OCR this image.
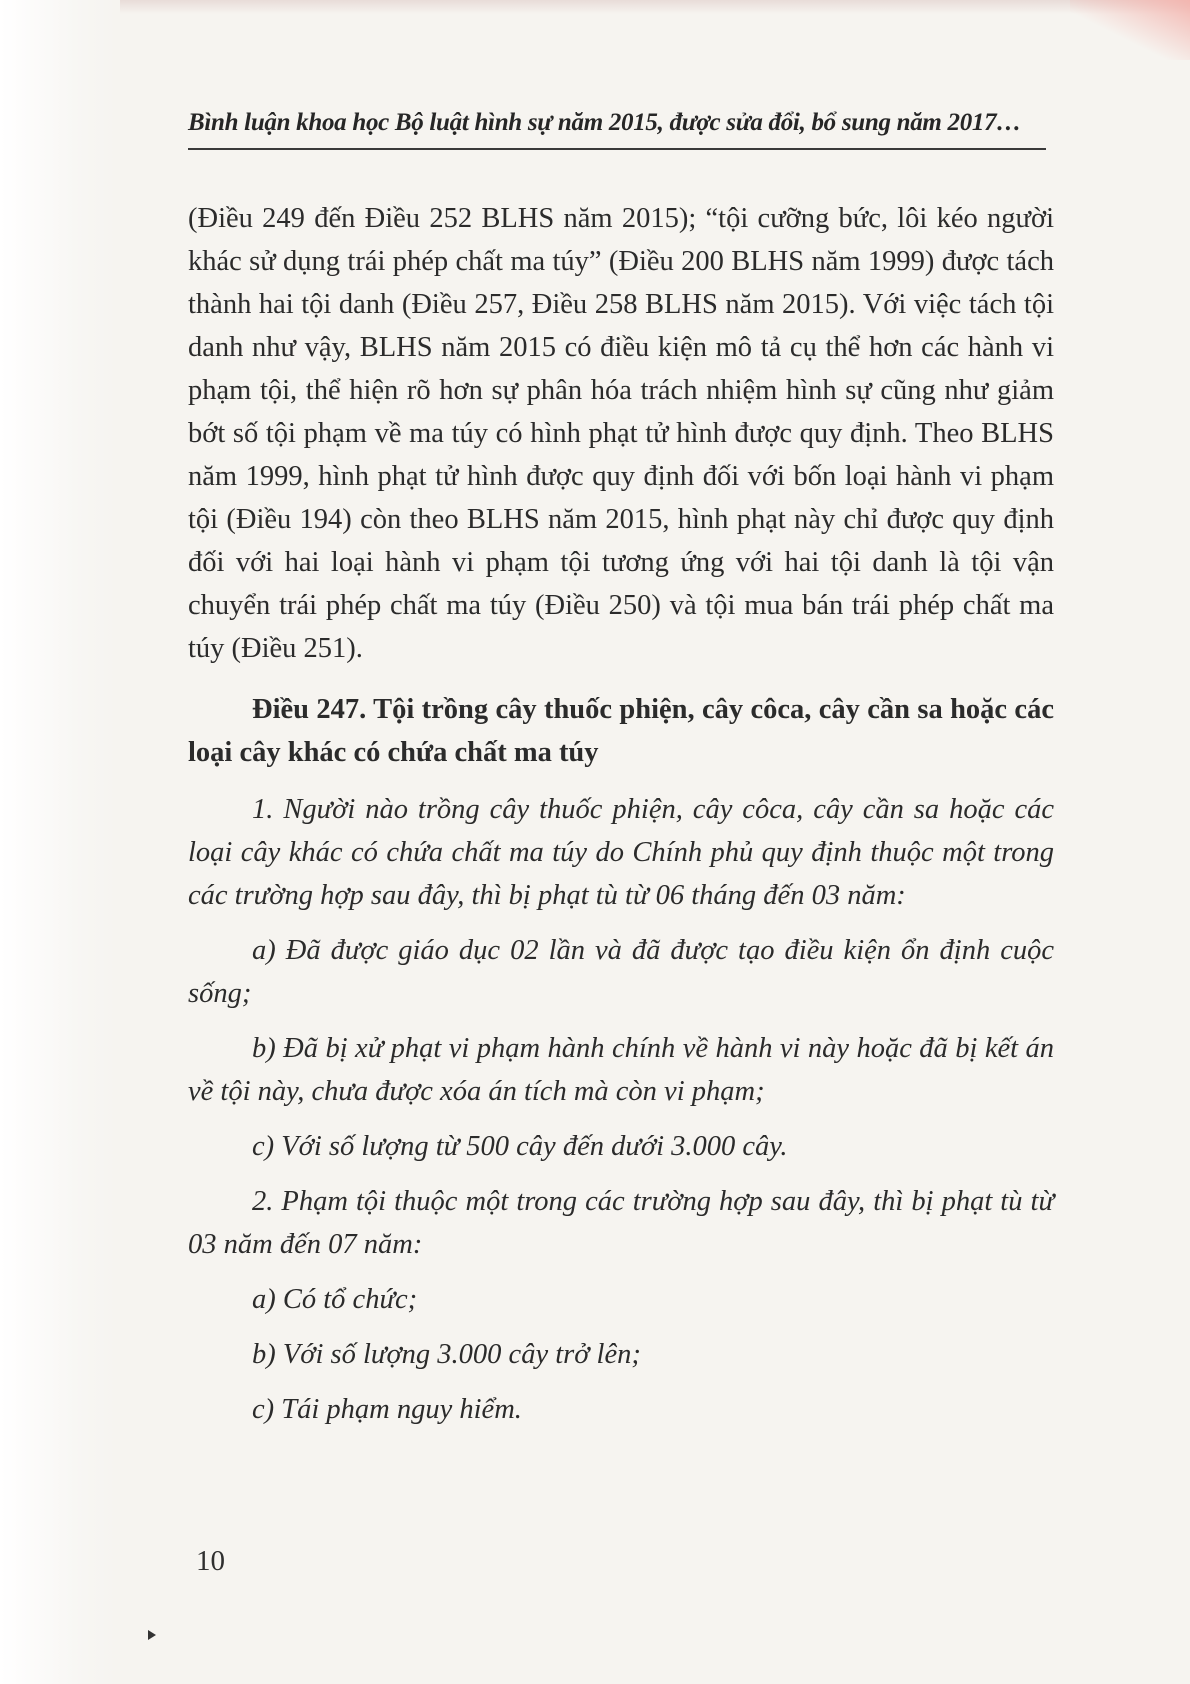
Bình luận khoa học Bộ luật hình sự năm 2015, được sửa đổi, bổ sung năm 2017…

(Điều 249 đến Điều 252 BLHS năm 2015); “tội cưỡng bức, lôi kéo người khác sử dụng trái phép chất ma túy” (Điều 200 BLHS năm 1999) được tách thành hai tội danh (Điều 257, Điều 258 BLHS năm 2015). Với việc tách tội danh như vậy, BLHS năm 2015 có điều kiện mô tả cụ thể hơn các hành vi phạm tội, thể hiện rõ hơn sự phân hóa trách nhiệm hình sự cũng như giảm bớt số tội phạm về ma túy có hình phạt tử hình được quy định. Theo BLHS năm 1999, hình phạt tử hình được quy định đối với bốn loại hành vi phạm tội (Điều 194) còn theo BLHS năm 2015, hình phạt này chỉ được quy định đối với hai loại hành vi phạm tội tương ứng với hai tội danh là tội vận chuyển trái phép chất ma túy (Điều 250) và tội mua bán trái phép chất ma túy (Điều 251).

Điều 247. Tội trồng cây thuốc phiện, cây côca, cây cần sa hoặc các loại cây khác có chứa chất ma túy

1. Người nào trồng cây thuốc phiện, cây côca, cây cần sa hoặc các loại cây khác có chứa chất ma túy do Chính phủ quy định thuộc một trong các trường hợp sau đây, thì bị phạt tù từ 06 tháng đến 03 năm:

a) Đã được giáo dục 02 lần và đã được tạo điều kiện ổn định cuộc sống;

b) Đã bị xử phạt vi phạm hành chính về hành vi này hoặc đã bị kết án về tội này, chưa được xóa án tích mà còn vi phạm;

c) Với số lượng từ 500 cây đến dưới 3.000 cây.

2. Phạm tội thuộc một trong các trường hợp sau đây, thì bị phạt tù từ 03 năm đến 07 năm:

a) Có tổ chức;

b) Với số lượng 3.000 cây trở lên;

c) Tái phạm nguy hiểm.

10
